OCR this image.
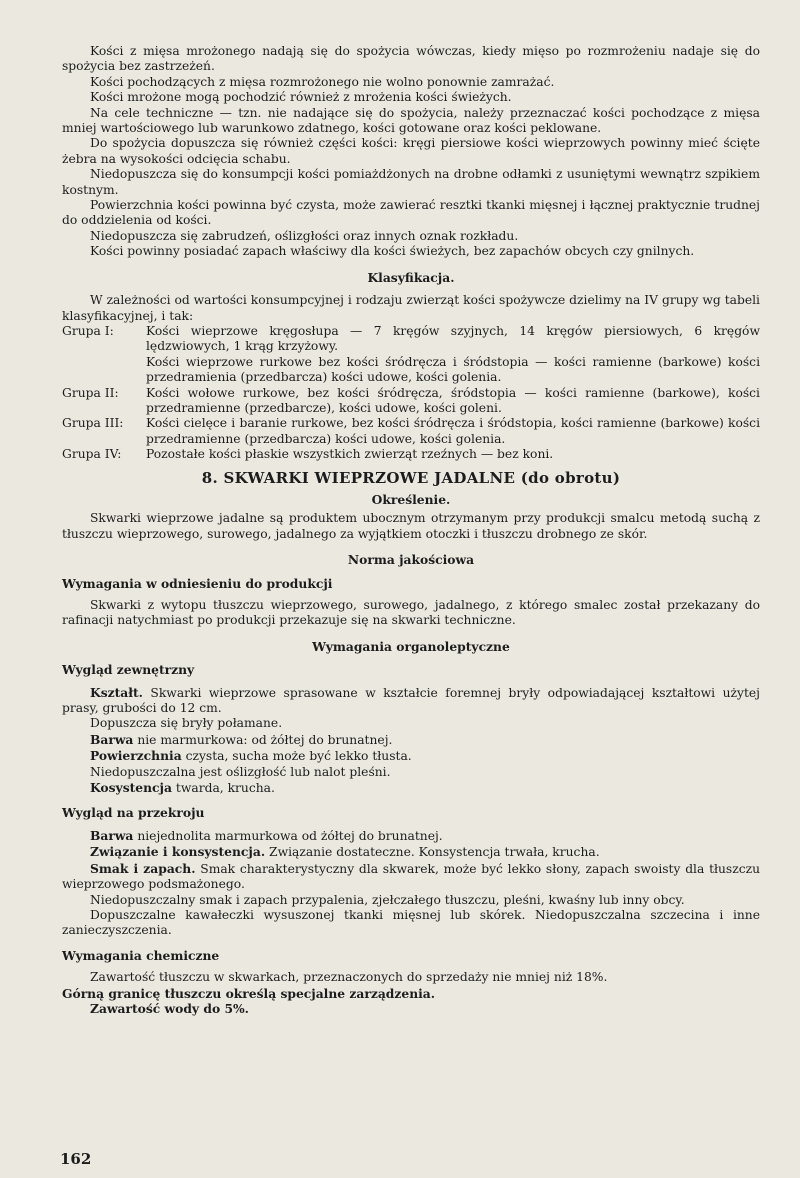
Kości z mięsa mrożonego nadają się do spożycia wówczas, kiedy mięso po rozmrożeniu nadaje się do spożycia bez zastrzeżeń.

Kości pochodzących z mięsa rozmrożonego nie wolno ponownie zamrażać.

Kości mrożone mogą pochodzić również z mrożenia kości świeżych.

Na cele techniczne — tzn. nie nadające się do spożycia, należy przeznaczać kości pochodzące z mięsa mniej wartościowego lub warunkowo zdatnego, kości gotowane oraz kości peklowane.

Do spożycia dopuszcza się również części kości: kręgi piersiowe kości wieprzowych powinny mieć ścięte żebra na wysokości odcięcia schabu.

Niedopuszcza się do konsumpcji kości pomiażdżonych na drobne odłamki z usuniętymi wewnątrz szpikiem kostnym.

Powierzchnia kości powinna być czysta, może zawierać resztki tkanki mięsnej i łącznej praktycznie trudnej do oddzielenia od kości.

Niedopuszcza się zabrudzeń, oślizgłości oraz innych oznak rozkładu.

Kości powinny posiadać zapach właściwy dla kości świeżych, bez zapachów obcych czy gnilnych.

Klasyfikacja.

W zależności od wartości konsumpcyjnej i rodzaju zwierząt kości spożywcze dzielimy na IV grupy wg tabeli klasyfikacyjnej, i tak:

Grupa I:	Kości wieprzowe kręgosłupa — 7 kręgów szyjnych, 14 kręgów piersiowych, 6 kręgów lędzwiowych, 1 krąg krzyżowy.

Kości wieprzowe rurkowe bez kości śródręcza i śródstopia — kości ramienne (barkowe) kości przedramienia (przedbarcza) kości udowe, kości golenia.

Grupa II:	Kości wołowe rurkowe, bez kości śródręcza, śródstopia — kości ramienne (barkowe), kości przedramienne (przedbarcze), kości udowe, kości goleni.

Grupa III:	Kości cielęce i baranie rurkowe, bez kości śródręcza i śródstopia, kości ramienne (barkowe) kości przedramienne (przedbarcza) kości udowe, kości golenia.

Grupa IV:	Pozostałe kości płaskie wszystkich zwierząt rzeźnych — bez koni.

8. SKWARKI WIEPRZOWE JADALNE (do obrotu)
Określenie.

Skwarki wieprzowe jadalne są produktem ubocznym otrzymanym przy produkcji smalcu metodą suchą z tłuszczu wieprzowego, surowego, jadalnego za wyjątkiem otoczki i tłuszczu drobnego ze skór.

Norma jakościowa
Wymagania w odniesieniu do produkcji

Skwarki z wytopu tłuszczu wieprzowego, surowego, jadalnego, z którego smalec został przekazany do rafinacji natychmiast po produkcji przekazuje się na skwarki techniczne.

Wymagania organoleptyczne
Wygląd zewnętrzny

Kształt. Skwarki wieprzowe sprasowane w kształcie foremnej bryły odpowiadającej kształtowi użytej prasy, grubości do 12 cm.

Dopuszcza się bryły połamane.

Barwa nie marmurkowa: od żółtej do brunatnej.

Powierzchnia czysta, sucha może być lekko tłusta.

Niedopuszczalna jest oślizgłość lub nalot pleśni.

Kosystencja twarda, krucha.

Wygląd na przekroju

Barwa niejednolita marmurkowa od żółtej do brunatnej.

Związanie i konsystencja. Związanie dostateczne. Konsystencja trwała, krucha.

Smak i zapach. Smak charakterystyczny dla skwarek, może być lekko słony, zapach swoisty dla tłuszczu wieprzowego podsmażonego.

Niedopuszczalny smak i zapach przypalenia, zjełczałego tłuszczu, pleśni, kwaśny lub inny obcy.

Dopuszczalne kawałeczki wysuszonej tkanki mięsnej lub skórek. Niedopuszczalna szczecina i inne zanieczyszczenia.

Wymagania chemiczne

Zawartość tłuszczu w skwarkach, przeznaczonych do sprzedaży nie mniej niż 18%.

Górną granicę tłuszczu określą specjalne zarządzenia.

Zawartość wody do 5%.

162
